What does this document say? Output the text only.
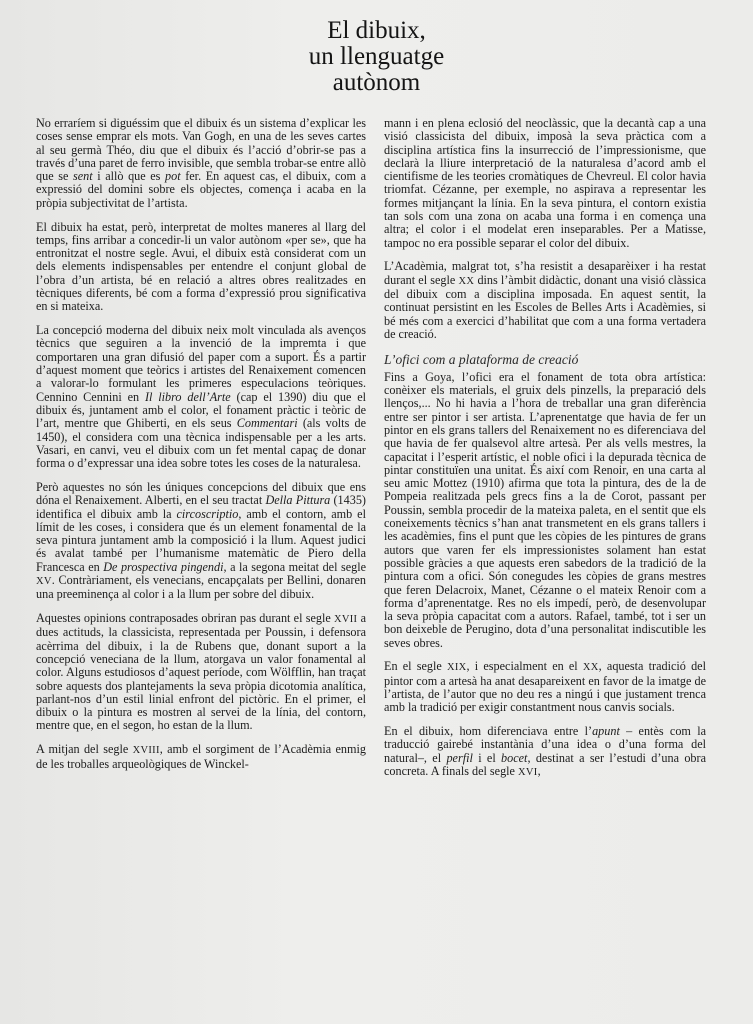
El dibuix,
un llenguatge
autònom

No erraríem si diguéssim que el dibuix és un sistema d’explicar les coses sense emprar els mots. Van Gogh, en una de les seves cartes al seu germà Théo, diu que el dibuix és l’acció d’obrir-se pas a través d’una paret de ferro invisible, que sembla trobar-se entre allò que se sent i allò que es pot fer. En aquest cas, el dibuix, com a expressió del domini sobre els objectes, comença i acaba en la pròpia subjectivitat de l’artista.

El dibuix ha estat, però, interpretat de moltes maneres al llarg del temps, fins arribar a concedir-li un valor autònom «per se», que ha entronitzat el nostre segle. Avui, el dibuix està considerat com un dels elements indispensables per entendre el conjunt global de l’obra d’un artista, bé en relació a altres obres realitzades en tècniques diferents, bé com a forma d’expressió prou significativa en si mateixa.

La concepció moderna del dibuix neix molt vinculada als avenços tècnics que seguiren a la invenció de la impremta i que comportaren una gran difusió del paper com a suport. És a partir d’aquest moment que teòrics i artistes del Renaixement comencen a valorar-lo formulant les primeres especulacions teòriques. Cennino Cennini en Il libro dell’Arte (cap el 1390) diu que el dibuix és, juntament amb el color, el fonament pràctic i teòric de l’art, mentre que Ghiberti, en els seus Commentari (als volts de 1450), el considera com una tècnica indispensable per a les arts. Vasari, en canvi, veu el dibuix com un fet mental capaç de donar forma o d’expressar una idea sobre totes les coses de la naturalesa.

Però aquestes no són les úniques concepcions del dibuix que ens dóna el Renaixement. Alberti, en el seu tractat Della Pittura (1435) identifica el dibuix amb la circoscriptio, amb el contorn, amb el límit de les coses, i considera que és un element fonamental de la seva pintura juntament amb la composició i la llum. Aquest judici és avalat també per l’humanisme matemàtic de Piero della Francesca en De prospectiva pingendi, a la segona meitat del segle XV. Contràriament, els venecians, encapçalats per Bellini, donaren una preeminença al color i a la llum per sobre del dibuix.

Aquestes opinions contraposades obriran pas durant el segle XVII a dues actituds, la classicista, representada per Poussin, i defensora acèrrima del dibuix, i la de Rubens que, donant suport a la concepció veneciana de la llum, atorgava un valor fonamental al color. Alguns estudiosos d’aquest període, com Wölfflin, han traçat sobre aquests dos plantejaments la seva pròpia dicotomia analítica, parlant-nos d’un estil linial enfront del pictòric. En el primer, el dibuix o la pintura es mostren al servei de la línia, del contorn, mentre que, en el segon, ho estan de la llum.

A mitjan del segle XVIII, amb el sorgiment de l’Acadèmia enmig de les troballes arqueològiques de Winckel-

mann i en plena eclosió del neoclàssic, que la decantà cap a una visió classicista del dibuix, imposà la seva pràctica com a disciplina artística fins la insurrecció de l’impressionisme, que declarà la lliure interpretació de la naturalesa d’acord amb el cientifisme de les teories cromàtiques de Chevreul. El color havia triomfat. Cézanne, per exemple, no aspirava a representar les formes mitjançant la línia. En la seva pintura, el contorn existia tan sols com una zona on acaba una forma i en comença una altra; el color i el modelat eren inseparables. Per a Matisse, tampoc no era possible separar el color del dibuix.

L’Acadèmia, malgrat tot, s’ha resistit a desaparèixer i ha restat durant el segle XX dins l’àmbit didàctic, donant una visió clàssica del dibuix com a disciplina imposada. En aquest sentit, la continuat persistint en les Escoles de Belles Arts i Acadèmies, si bé més com a exercici d’habilitat que com a una forma vertadera de creació.

L’ofici com a plataforma de creació

Fins a Goya, l’ofici era el fonament de tota obra artística: conèixer els materials, el gruix dels pinzells, la preparació dels llenços,... No hi havia a l’hora de treballar una gran diferència entre ser pintor i ser artista. L’aprenentatge que havia de fer un pintor en els grans tallers del Renaixement no es diferenciava del que havia de fer qualsevol altre artesà. Per als vells mestres, la capacitat i l’esperit artístic, el noble ofici i la depurada tècnica de pintar constituïen una unitat. És així com Renoir, en una carta al seu amic Mottez (1910) afirma que tota la pintura, des de la de Pompeia realitzada pels grecs fins a la de Corot, passant per Poussin, sembla procedir de la mateixa paleta, en el sentit que els coneixements tècnics s’han anat transmetent en els grans tallers i les acadèmies, fins el punt que les còpies de les pintures de grans autors que varen fer els impressionistes solament han estat possible gràcies a que aquests eren sabedors de la tradició de la pintura com a ofici. Són conegudes les còpies de grans mestres que feren Delacroix, Manet, Cézanne o el mateix Renoir com a forma d’aprenentatge. Res no els impedí, però, de desenvolupar la seva pròpia capacitat com a autors. Rafael, també, tot i ser un bon deixeble de Perugino, dota d’una personalitat indiscutible les seves obres.

En el segle XIX, i especialment en el XX, aquesta tradició del pintor com a artesà ha anat desapareixent en favor de la imatge de l’artista, de l’autor que no deu res a ningú i que justament trenca amb la tradició per exigir constantment nous canvis socials.

En el dibuix, hom diferenciava entre l’apunt – entès com la traducció gairebé instantània d’una idea o d’una forma del natural–, el perfil i el bocet, destinat a ser l’estudi d’una obra concreta. A finals del segle XVI,
